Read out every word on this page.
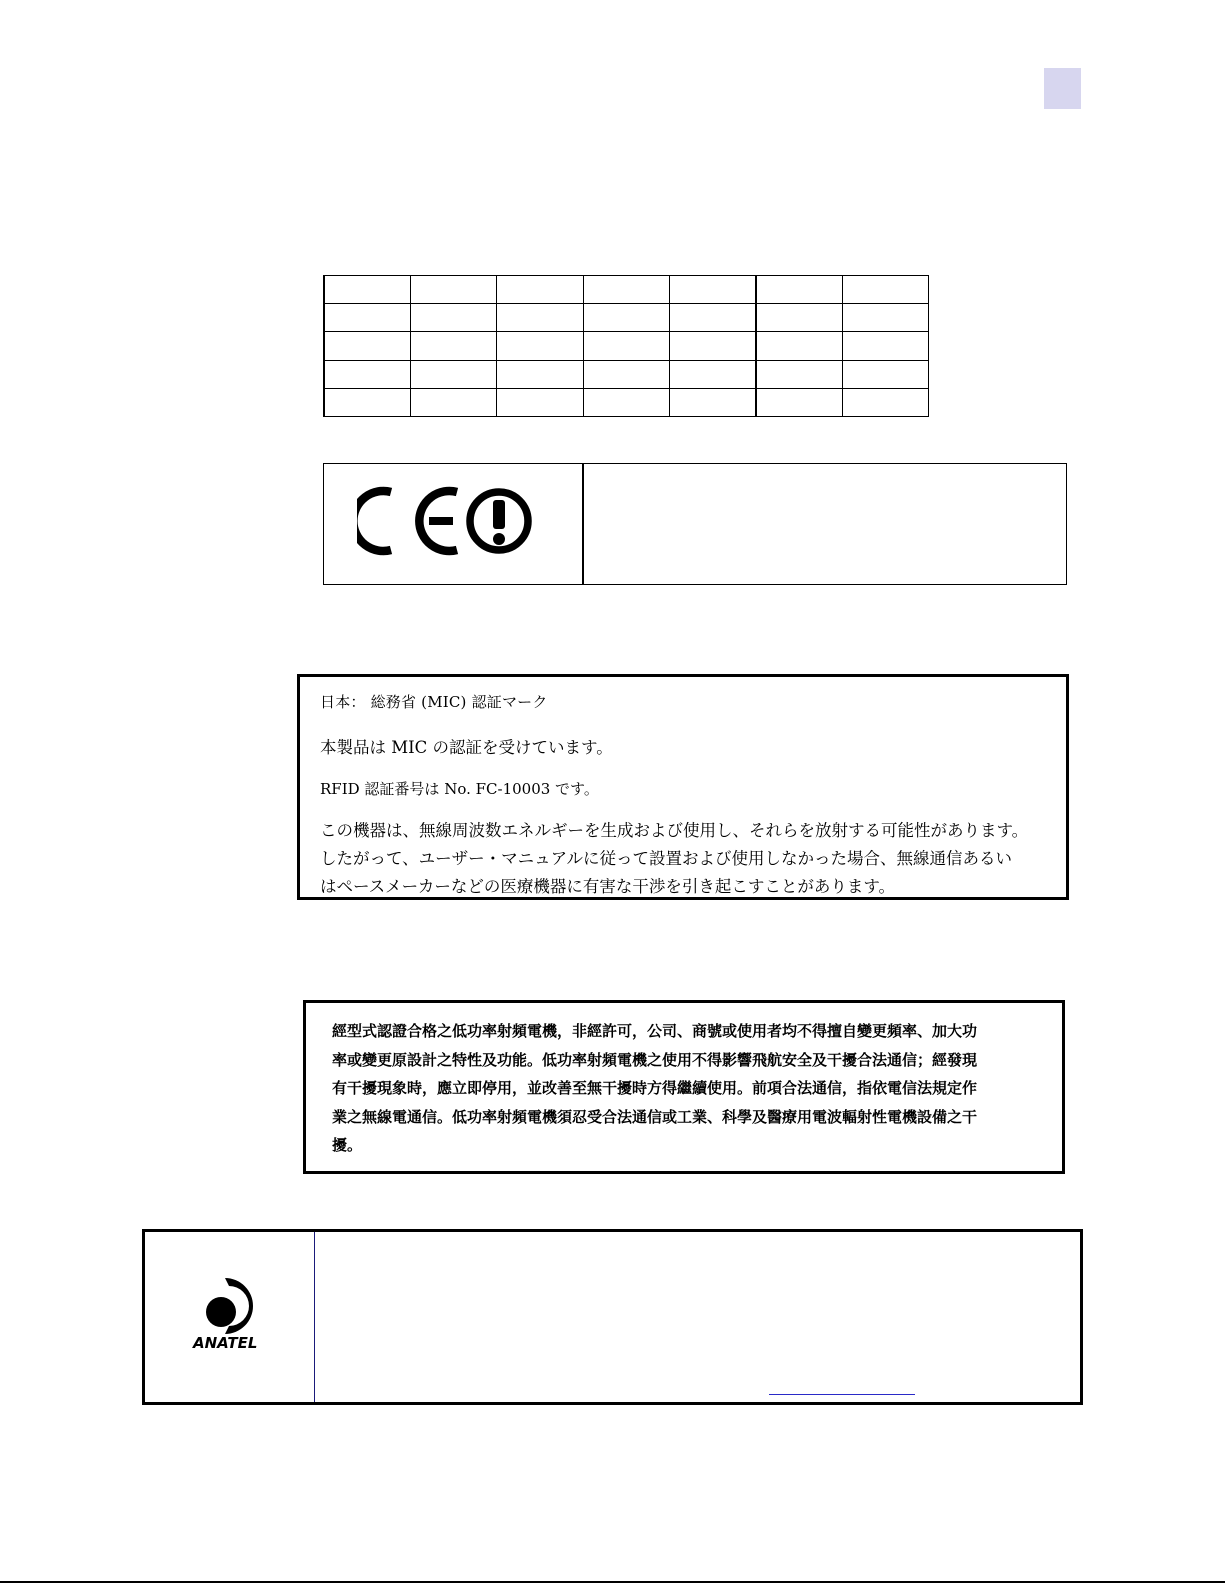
日本： 総務省 (MIC) 認証マーク

本製品は MIC の認証を受けています。

RFID 認証番号は No. FC-10003 です。

この機器は、無線周波数エネルギーを生成および使用し、それらを放射する可能性があります。
したがって、ユーザー・マニュアルに従って設置および使用しなかった場合、無線通信あるい
はペースメーカーなどの医療機器に有害な干渉を引き起こすことがあります。

經型式認證合格之低功率射頻電機，非經許可，公司、商號或使用者均不得擅自變更頻率、加大功

率或變更原設計之特性及功能。低功率射頻電機之使用不得影響飛航安全及干擾合法通信；經發現

有干擾現象時，應立即停用，並改善至無干擾時方得繼續使用。前項合法通信，指依電信法規定作

業之無線電通信。低功率射頻電機須忍受合法通信或工業、科學及醫療用電波輻射性電機設備之干

擾。

ANATEL
